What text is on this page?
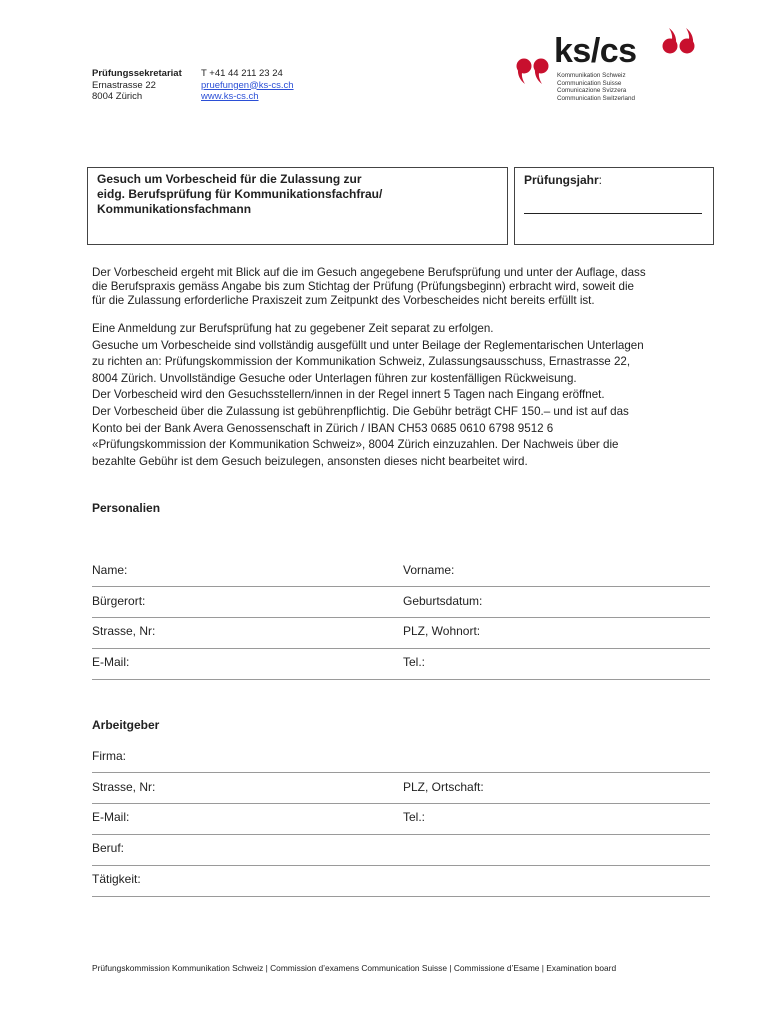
Prüfungssekretariat
Ernastrasse 22
8004 Zürich
T +41 44 211 23 24
pruefungen@ks-cs.ch
www.ks-cs.ch
ks/cs
Kommunikation Schweiz
Communication Suisse
Comunicazione Svizzera
Communication Switzerland
Gesuch um Vorbescheid für die Zulassung zur
eidg. Berufsprüfung für Kommunikationsfachfrau/
Kommunikationsfachmann
Prüfungsjahr:
Der Vorbescheid ergeht mit Blick auf die im Gesuch angegebene Berufsprüfung und unter der Auflage, dass
die Berufspraxis gemäss Angabe bis zum Stichtag der Prüfung (Prüfungsbeginn) erbracht wird, soweit die
für die Zulassung erforderliche Praxiszeit zum Zeitpunkt des Vorbescheides nicht bereits erfüllt ist.
Eine Anmeldung zur Berufsprüfung hat zu gegebener Zeit separat zu erfolgen.
Gesuche um Vorbescheide sind vollständig ausgefüllt und unter Beilage der Reglementarischen Unterlagen
zu richten an: Prüfungskommission der Kommunikation Schweiz, Zulassungsausschuss, Ernastrasse 22,
8004 Zürich. Unvollständige Gesuche oder Unterlagen führen zur kostenfälligen Rückweisung.
Der Vorbescheid wird den Gesuchsstellern/innen in der Regel innert 5 Tagen nach Eingang eröffnet.
Der Vorbescheid über die Zulassung ist gebührenpflichtig. Die Gebühr beträgt CHF 150.– und ist auf das
Konto bei der Bank Avera Genossenschaft in Zürich / IBAN CH53 0685 0610 6798 9512 6
«Prüfungskommission der Kommunikation Schweiz», 8004 Zürich einzuzahlen. Der Nachweis über die
bezahlte Gebühr ist dem Gesuch beizulegen, ansonsten dieses nicht bearbeitet wird.
Personalien
Name:	Vorname:
Bürgerort:	Geburtsdatum:
Strasse, Nr:	PLZ, Wohnort:
E-Mail:	Tel.:
Arbeitgeber
Firma:
Strasse, Nr:	PLZ, Ortschaft:
E-Mail:	Tel.:
Beruf:
Tätigkeit:
Prüfungskommission Kommunikation Schweiz | Commission d’examens Communication Suisse | Commissione d’Esame | Examination board
